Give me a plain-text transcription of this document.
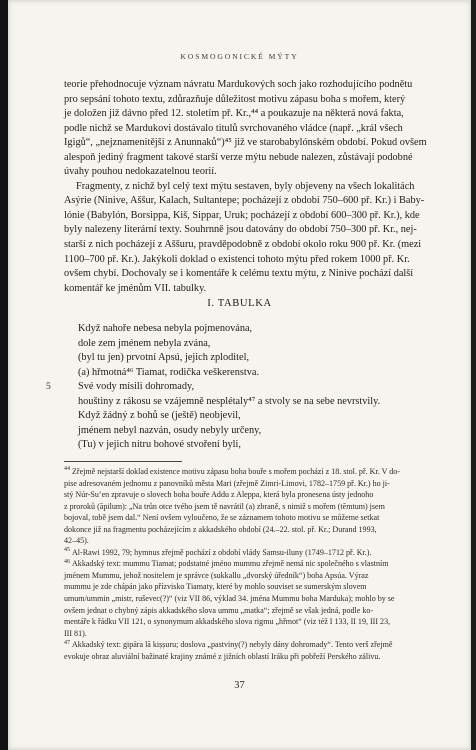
KOSMOGONICKÉ MÝTY

teorie přehodnocuje význam návratu Mardukových soch jako rozhodujícího podnětu
pro sepsání tohoto textu, zdůrazňuje důležitost motivu zápasu boha s mořem, který
je doložen již dávno před 12. stoletím př. Kr.,⁴⁴ a poukazuje na některá nová fakta,
podle nichž se Mardukovi dostávalo titulů svrchovaného vládce (např. „král všech
Igigů“, „nejznamenitější z Anunnaků“)⁴⁵ již ve starobabylónském období. Pokud ovšem
alespoň jediný fragment takové starší verze mýtu nebude nalezen, zůstávají podobné
úvahy pouhou nedokazatelnou teorií.

Fragmenty, z nichž byl celý text mýtu sestaven, byly objeveny na všech lokalitách
Asýrie (Ninive, Aššur, Kalach, Sultantepe; pocházejí z období 750–600 př. Kr.) i Baby-
lónie (Babylón, Borsippa, Kiš, Sippar, Uruk; pocházejí z období 600–300 př. Kr.), kde
byly nalezeny literární texty. Souhrnně jsou datovány do období 750–300 př. Kr., nej-
starší z nich pocházejí z Aššuru, pravděpodobně z období okolo roku 900 př. Kr. (mezi
1100–700 př. Kr.). Jakýkoli doklad o existenci tohoto mýtu před rokem 1000 př. Kr.
ovšem chybí. Dochovaly se i komentáře k celému textu mýtu, z Ninive pochází další
komentář ke jménům VII. tabulky.

I. TABULKA
Když nahoře nebesa nebyla pojmenována,
dole zem jménem nebyla zvána,
(byl tu jen) prvotní Apsú, jejich zploditel,
(a) hřmotná⁴⁶ Tiamat, rodička veškerenstva.
5	Své vody mísili dohromady,
houštiny z rákosu se vzájemně nesplétaly⁴⁷ a stvoly se na sebe nevrstvily.
Když žádný z bohů se (ještě) neobjevil,
jménem nebyl nazván, osudy nebyly určeny,
(Tu) v jejich nitru bohové stvoření byli,
$^{44}$ Zřejmě nejstarší doklad existence motivu zápasu boha bouře s mořem pochází z 18. stol. př. Kr. V do-
pise adresovaném jednomu z panovníků města Mari (zřejmě Zimri-Limovi, 1782–1759 př. Kr.) ho ji-
stý Núr-Su’en zpravuje o slovech boha bouře Addu z Aleppa, která byla pronesena ústy jednoho
z proroků (āpilum): „Na trůn otce tvého jsem tě navrátil (a) zbraně, s nimiž s mořem (tēmtum) jsem
bojoval, tobě jsem dal.“ Není ovšem vyloučeno, že se záznamem tohoto motivu se můžeme setkat
dokonce již na fragmentu pocházejícím z akkadského období (24.–22. stol. př. Kr.; Durand 1993,
42–45).
$^{45}$ Al-Rawi 1992, 79; hymnus zřejmě pochází z období vlády Samsu-iluny (1749–1712 př. Kr.).
$^{46}$ Akkadský text: mummu Tiamat; podstatné jméno mummu zřejmě nemá nic společného s vlastním
jménem Mummu, jehož nositelem je správce (sukkallu „dvorský úředník“) boha Apsúa. Výraz
mummu je zde chápán jako přízvisko Tiamaty, které by mohlo souviset se sumerským slovem
umum/ummin „mistr, ruševec(?)“ (viz VII 86, výklad 34. jména Mummu boha Marduka); mohlo by se
ovšem jednat o chybný zápis akkadského slova ummu „matka“; zřejmě se však jedná, podle ko-
mentáře k řádku VII 121, o synonymum akkadského slova rigmu „hřmot“ (viz též I 133, II 19, III 23,
III 81).
$^{47}$ Akkadský text: gipāra lā kiṣṣuru; doslova „pastviny(?) nebyly dány dohromady“. Tento verš zřejmě
evokuje obraz aluviální bažinaté krajiny známé z jižních oblastí Iráku při pobřeží Perského zálivu.
37
